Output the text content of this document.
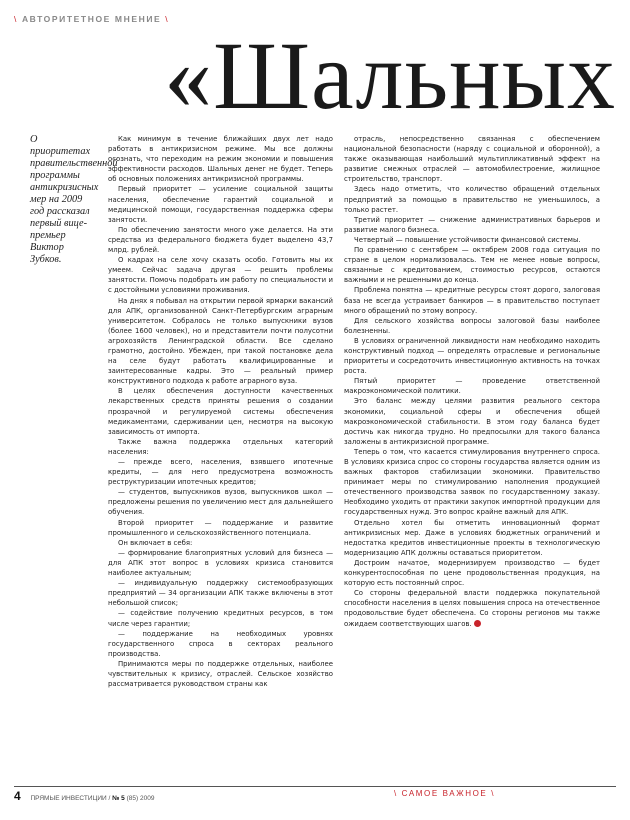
\ АВТОРИТЕТНОЕ МНЕНИЕ \
«Шальных
О приоритетах правительственной программы антикризисных мер на 2009 год рассказал первый вице-премьер Виктор Зубков.

Как минимум в течение ближайших двух лет надо работать в антикризисном режиме. Мы все должны осознать, что переходим на режим экономии и повышения эффективности расходов. Шальных денег не будет. Теперь об основных положениях антикризисной программы.

Первый приоритет — усиление социальной защиты населения, обеспечение гарантий социальной и медицинской помощи, государственная поддержка сферы занятости.

По обеспечению занятости много уже делается. На эти средства из федерального бюджета будет выделено 43,7 млрд. рублей.

О кадрах на селе хочу сказать особо. Готовить мы их умеем. Сейчас задача другая — решить проблемы занятости. Помочь подобрать им работу по специальности и с достойными условиями проживания.

На днях я побывал на открытии первой ярмарки вакансий для АПК, организованной Санкт-Петербургским аграрным университетом. Собралось не только выпускники вузов (более 1600 человек), но и представители почти полусотни агрохозяйств Ленинградской области. Все сделано грамотно, достойно. Убежден, при такой постановке дела на селе будут работать квалифицированные и заинтересованные кадры. Это — реальный пример конструктивного подхода к работе аграрного вуза.

В целях обеспечения доступности качественных лекарственных средств приняты решения о создании прозрачной и регулируемой системы обеспечения медикаментами, сдерживании цен, несмотря на высокую зависимость от импорта.

Также важна поддержка отдельных категорий населения:

— прежде всего, населения, взявшего ипотечные кредиты, — для него предусмотрена возможность реструктуризации ипотечных кредитов;

— студентов, выпускников вузов, выпускников школ — предложены решения по увеличению мест для дальнейшего обучения.

Второй приоритет — поддержание и развитие промышленного и сельскохозяйственного потенциала.

Он включает в себя:

— формирование благоприятных условий для бизнеса — для АПК этот вопрос в условиях кризиса становится наиболее актуальным;

— индивидуальную поддержку системообразующих предприятий — 34 организации АПК также включены в этот небольшой список;

— содействие получению кредитных ресурсов, в том числе через гарантии;

— поддержание на необходимых уровнях государственного спроса в секторах реального производства.

Принимаются меры по поддержке отдельных, наиболее чувствительных к кризису, отраслей. Сельское хозяйство рассматривается руководством страны как

отрасль, непосредственно связанная с обеспечением национальной безопасности (наряду с социальной и оборонной), а также оказывающая наибольший мультипликативный эффект на развитие смежных отраслей — автомобилестроение, жилищное строительство, транспорт.

Здесь надо отметить, что количество обращений отдельных предприятий за помощью в правительство не уменьшилось, а только растет.

Третий приоритет — снижение административных барьеров и развитие малого бизнеса.

Четвертый — повышение устойчивости финансовой системы.

По сравнению с сентябрем — октябрем 2008 года ситуация по стране в целом нормализовалась. Тем не менее новые вопросы, связанные с кредитованием, стоимостью ресурсов, остаются важными и не решенными до конца.

Проблема понятна — кредитные ресурсы стоят дорого, залоговая база не всегда устраивает банкиров — в правительство поступает много обращений по этому вопросу.

Для сельского хозяйства вопросы залоговой базы наиболее болезненны.

В условиях ограниченной ликвидности нам необходимо находить конструктивный подход — определять отраслевые и региональные приоритеты и сосредоточить инвестиционную активность на точках роста.

Пятый приоритет — проведение ответственной макроэкономической политики.

Это баланс между целями развития реального сектора экономики, социальной сферы и обеспечения общей макроэкономической стабильности. В этом году баланса будет достичь как никогда трудно. Но предпосылки для такого баланса заложены в антикризисной программе.

Теперь о том, что касается стимулирования внутреннего спроса. В условиях кризиса спрос со стороны государства является одним из важных факторов стабилизации экономики. Правительство принимает меры по стимулированию наполнения продукцией отечественного производства заявок по государственному заказу. Необходимо уходить от практики закупок импортной продукции для государственных нужд. Это вопрос крайне важный для АПК.

Отдельно хотел бы отметить инновационный формат антикризисных мер. Даже в условиях бюджетных ограничений и недостатка кредитов инвестиционные проекты в технологическую модернизацию АПК должны оставаться приоритетом.

Достроим начатое, модернизируем производство — будет конкурентоспособная по цене продовольственная продукция, на которую есть постоянный спрос.

Со стороны федеральной власти поддержка покупательной способности населения в целях повышения спроса на отечественное продовольствие будет обеспечена. Со стороны регионов мы также ожидаем соответствующих шагов.

4 ПРЯМЫЕ ИНВЕСТИЦИИ / № 5 (85) 2009
\ САМОЕ ВАЖНОЕ \
